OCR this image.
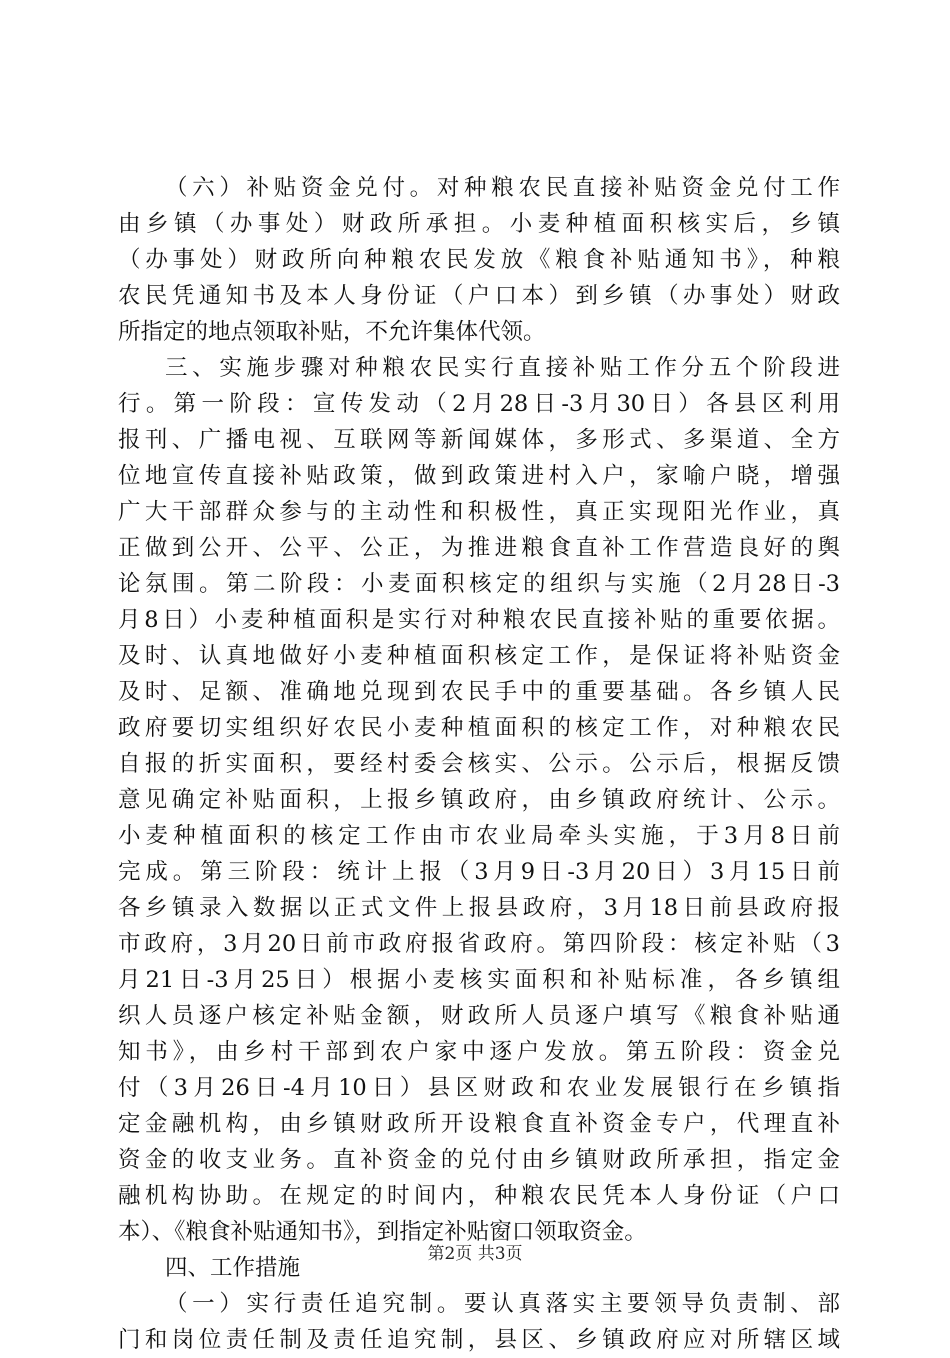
（六）补贴资金兑付。对种粮农民直接补贴资金兑付工作
由乡镇（办事处）财政所承担。小麦种植面积核实后，乡镇
（办事处）财政所向种粮农民发放《粮食补贴通知书》，种粮
农民凭通知书及本人身份证（户口本）到乡镇（办事处）财政
所指定的地点领取补贴，不允许集体代领。
三、实施步骤对种粮农民实行直接补贴工作分五个阶段进
行。第一阶段：宣传发动（2月28日-3月30日）各县区利用
报刊、广播电视、互联网等新闻媒体，多形式、多渠道、全方
位地宣传直接补贴政策，做到政策进村入户，家喻户晓，增强
广大干部群众参与的主动性和积极性，真正实现阳光作业，真
正做到公开、公平、公正，为推进粮食直补工作营造良好的舆
论氛围。第二阶段：小麦面积核定的组织与实施（2月28日-3
月8日）小麦种植面积是实行对种粮农民直接补贴的重要依据。
及时、认真地做好小麦种植面积核定工作，是保证将补贴资金
及时、足额、准确地兑现到农民手中的重要基础。各乡镇人民
政府要切实组织好农民小麦种植面积的核定工作，对种粮农民
自报的折实面积，要经村委会核实、公示。公示后，根据反馈
意见确定补贴面积，上报乡镇政府，由乡镇政府统计、公示。
小麦种植面积的核定工作由市农业局牵头实施，于3月8日前
完成。第三阶段：统计上报（3月9日-3月20日）3月15日前
各乡镇录入数据以正式文件上报县政府，3月18日前县政府报
市政府，3月20日前市政府报省政府。第四阶段：核定补贴（3
月21日-3月25日）根据小麦核实面积和补贴标准，各乡镇组
织人员逐户核定补贴金额，财政所人员逐户填写《粮食补贴通
知书》，由乡村干部到农户家中逐户发放。第五阶段：资金兑
付（3月26日-4月10日）县区财政和农业发展银行在乡镇指
定金融机构，由乡镇财政所开设粮食直补资金专户，代理直补
资金的收支业务。直补资金的兑付由乡镇财政所承担，指定金
融机构协助。在规定的时间内，种粮农民凭本人身份证（户口
本）、《粮食补贴通知书》，到指定补贴窗口领取资金。
四、工作措施
（一）实行责任追究制。要认真落实主要领导负责制、部
门和岗位责任制及责任追究制，县区、乡镇政府应对所辖区域
第2页 共3页
